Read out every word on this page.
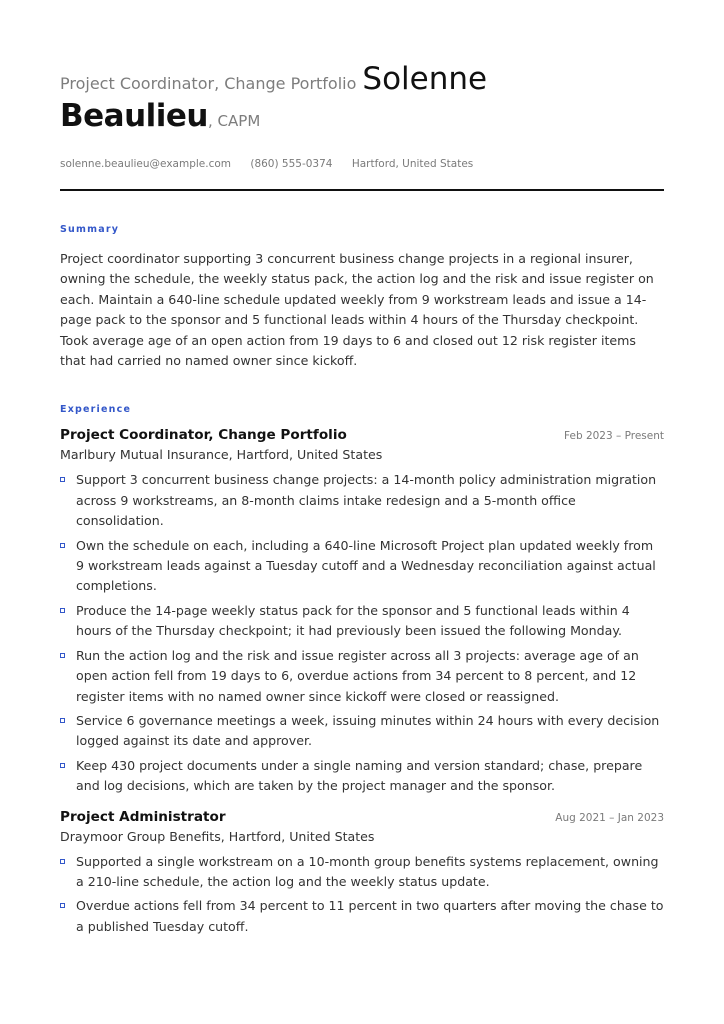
Project Coordinator, Change Portfolio Solenne
Beaulieu, CAPM
solenne.beaulieu@example.com (860) 555-0374 Hartford, United States
Summary
Project coordinator supporting 3 concurrent business change projects in a regional insurer, owning the schedule, the weekly status pack, the action log and the risk and issue register on each. Maintain a 640-line schedule updated weekly from 9 workstream leads and issue a 14-page pack to the sponsor and 5 functional leads within 4 hours of the Thursday checkpoint. Took average age of an open action from 19 days to 6 and closed out 12 risk register items that had carried no named owner since kickoff.
Experience
Project Coordinator, Change Portfolio	Feb 2023 – Present
Marlbury Mutual Insurance, Hartford, United States
Support 3 concurrent business change projects: a 14-month policy administration migration across 9 workstreams, an 8-month claims intake redesign and a 5-month office consolidation.
Own the schedule on each, including a 640-line Microsoft Project plan updated weekly from 9 workstream leads against a Tuesday cutoff and a Wednesday reconciliation against actual completions.
Produce the 14-page weekly status pack for the sponsor and 5 functional leads within 4 hours of the Thursday checkpoint; it had previously been issued the following Monday.
Run the action log and the risk and issue register across all 3 projects: average age of an open action fell from 19 days to 6, overdue actions from 34 percent to 8 percent, and 12 register items with no named owner since kickoff were closed or reassigned.
Service 6 governance meetings a week, issuing minutes within 24 hours with every decision logged against its date and approver.
Keep 430 project documents under a single naming and version standard; chase, prepare and log decisions, which are taken by the project manager and the sponsor.
Project Administrator	Aug 2021 – Jan 2023
Draymoor Group Benefits, Hartford, United States
Supported a single workstream on a 10-month group benefits systems replacement, owning a 210-line schedule, the action log and the weekly status update.
Overdue actions fell from 34 percent to 11 percent in two quarters after moving the chase to a published Tuesday cutoff.
